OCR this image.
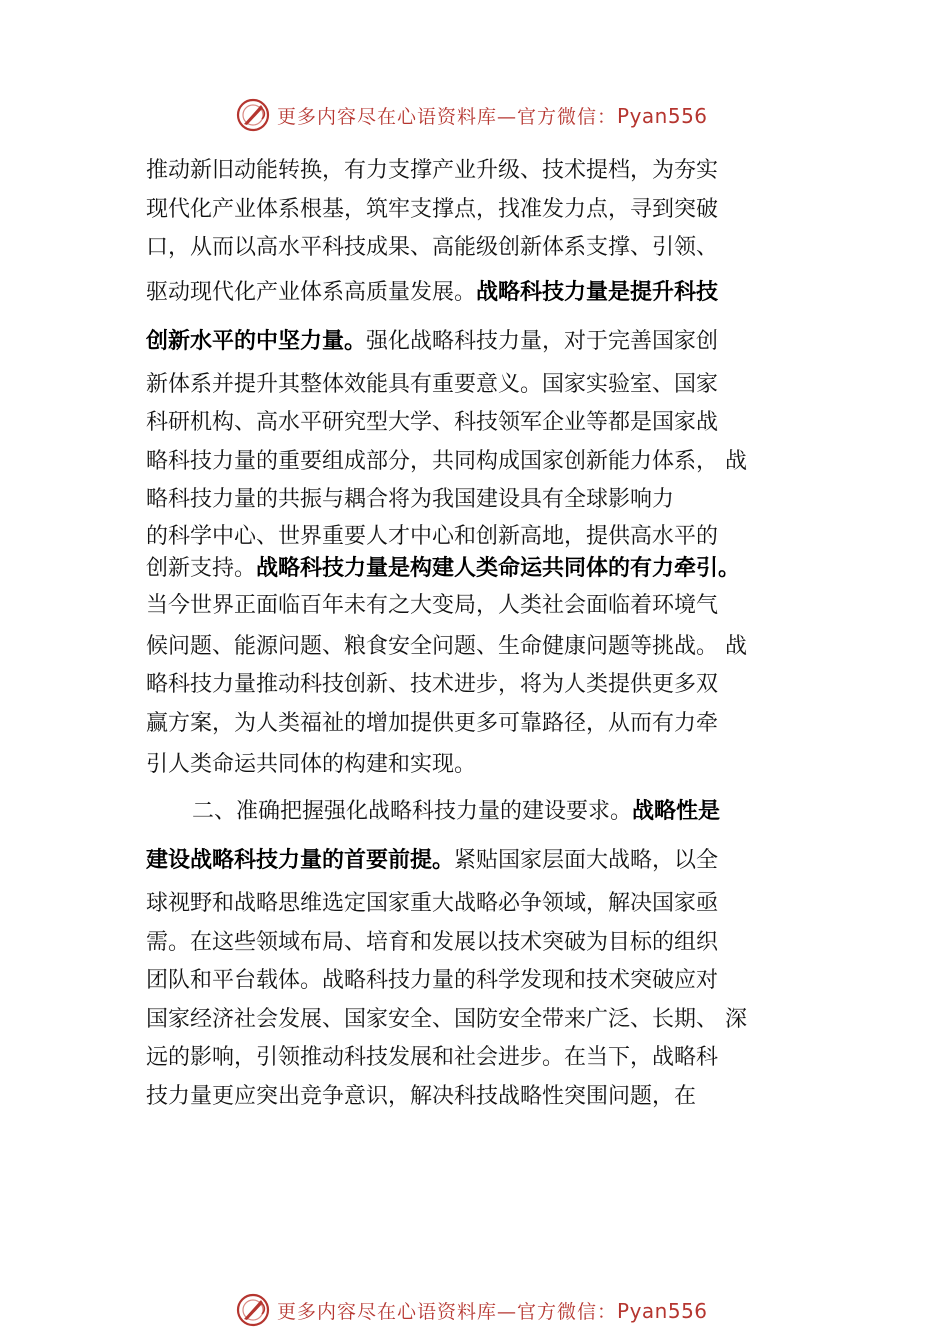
更多内容尽在心语资料库—官方微信：Pyan556
推动新旧动能转换，有力支撑产业升级、技术提档，为夯实
现代化产业体系根基，筑牢支撑点，找准发力点，寻到突破
口，从而以高水平科技成果、高能级创新体系支撑、引领、
驱动现代化产业体系高质量发展。战略科技力量是提升科技
创新水平的中坚力量。强化战略科技力量，对于完善国家创
新体系并提升其整体效能具有重要意义。国家实验室、国家
科研机构、高水平研究型大学、科技领军企业等都是国家战
略科技力量的重要组成部分，共同构成国家创新能力体系， 战
略科技力量的共振与耦合将为我国建设具有全球影响力
的科学中心、世界重要人才中心和创新高地，提供高水平的
创新支持。战略科技力量是构建人类命运共同体的有力牵引。
当今世界正面临百年未有之大变局，人类社会面临着环境气
候问题、能源问题、粮食安全问题、生命健康问题等挑战。 战
略科技力量推动科技创新、技术进步，将为人类提供更多双
赢方案，为人类福祉的增加提供更多可靠路径，从而有力牵
引人类命运共同体的构建和实现。
二、准确把握强化战略科技力量的建设要求。战略性是
建设战略科技力量的首要前提。紧贴国家层面大战略，以全
球视野和战略思维选定国家重大战略必争领域，解决国家亟
需。在这些领域布局、培育和发展以技术突破为目标的组织
团队和平台载体。战略科技力量的科学发现和技术突破应对
国家经济社会发展、国家安全、国防安全带来广泛、长期、 深
远的影响，引领推动科技发展和社会进步。在当下，战略科
技力量更应突出竞争意识，解决科技战略性突围问题，在
更多内容尽在心语资料库—官方微信：Pyan556
